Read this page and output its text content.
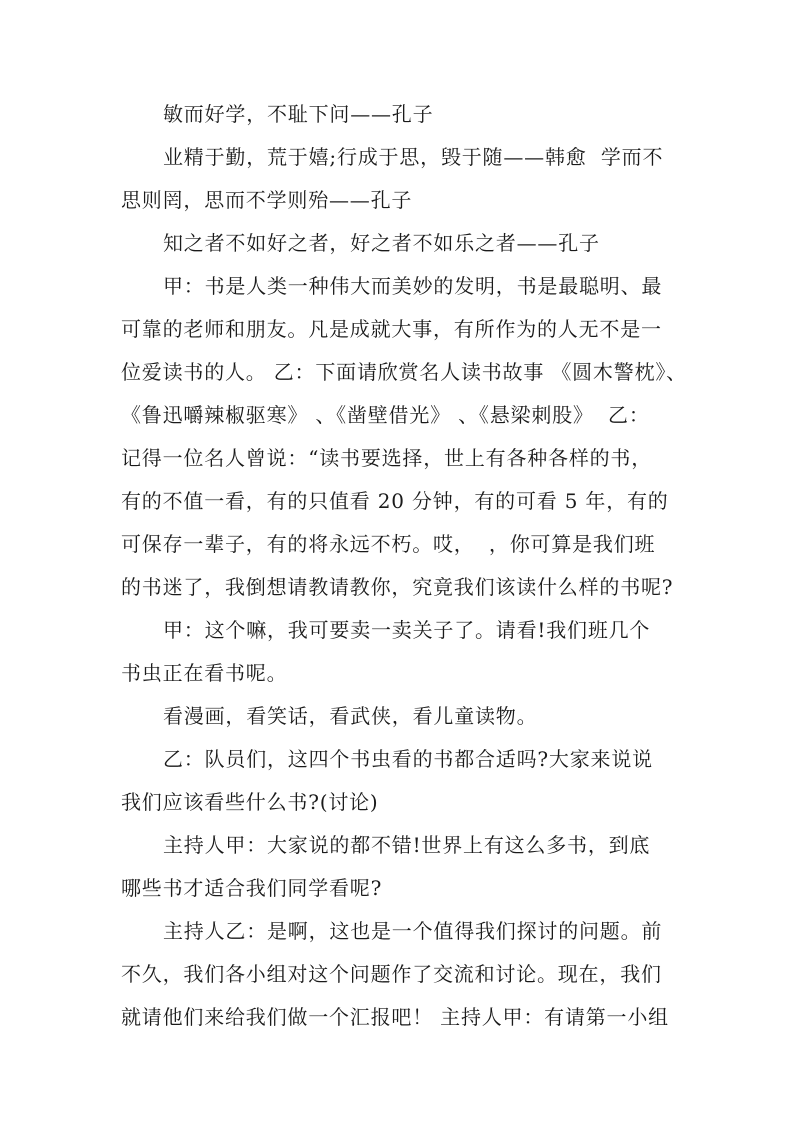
敏而好学，不耻下问——孔子
业精于勤，荒于嬉;行成于思，毁于随——韩愈  学而不
思则罔，思而不学则殆——孔子
知之者不如好之者，好之者不如乐之者——孔子
甲：书是人类一种伟大而美妙的发明，书是最聪明、最
可靠的老师和朋友。凡是成就大事，有所作为的人无不是一
位爱读书的人。 乙：下面请欣赏名人读书故事 《圆木警枕》、
《鲁迅嚼辣椒驱寒》 、《凿壁借光》 、《悬梁刺股》  乙：
记得一位名人曾说：“读书要选择，世上有各种各样的书，
有的不值一看，有的只值看 20 分钟，有的可看 5 年，有的
可保存一辈子，有的将永远不朽。哎，  ，你可算是我们班
的书迷了，我倒想请教请教你，究竟我们该读什么样的书呢?
甲：这个嘛，我可要卖一卖关子了。请看!我们班几个
书虫正在看书呢。
看漫画，看笑话，看武侠，看儿童读物。
乙：队员们，这四个书虫看的书都合适吗?大家来说说
我们应该看些什么书?(讨论)
主持人甲：大家说的都不错!世界上有这么多书，到底
哪些书才适合我们同学看呢?
主持人乙：是啊，这也是一个值得我们探讨的问题。前
不久，我们各小组对这个问题作了交流和讨论。现在，我们
就请他们来给我们做一个汇报吧！ 主持人甲：有请第一小组
